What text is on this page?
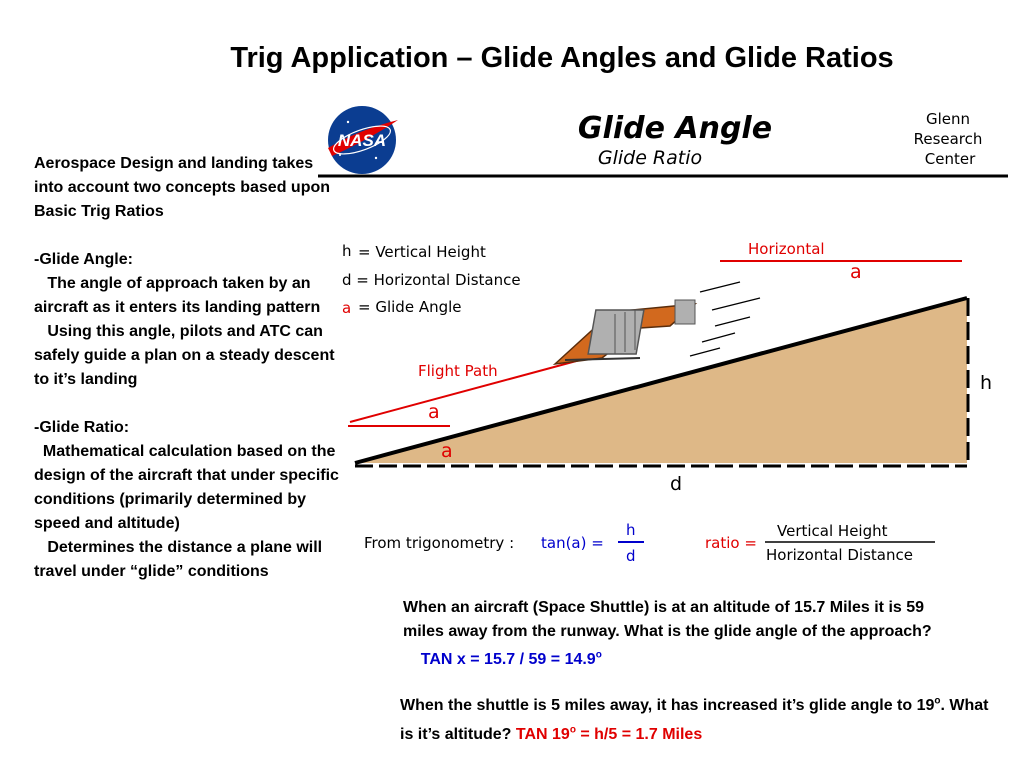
Trig Application – Glide Angles and Glide Ratios

Aerospace Design and landing takes into account two concepts based upon Basic Trig Ratios

-Glide Angle:

The angle of approach taken by an aircraft as it enters its landing pattern

Using this angle, pilots and ATC can safely guide a plan on a steady descent to it’s landing

-Glide Ratio:

Mathematical calculation based on the design of the aircraft that under specific conditions (primarily determined by speed and altitude)

Determines the distance a plane will travel under “glide” conditions

NASA	Glide Angle
Glide Ratio
Glenn
Research
Center
h = Vertical Height
d = Horizontal Distance
a = Glide Angle
Horizontal
a
Flight Path
a
a
h
d
From trigonometry : tan(a) =
h
d
ratio =
Vertical Height
Horizontal Distance
When an aircraft (Space Shuttle) is at an altitude of 15.7 Miles it is 59 miles away from the runway. What is the glide angle of the approach?     TAN $x = 15.7 / 59 = 14.9^o$
When the shuttle is 5 miles away, it has increased it’s glide angle to 19$^o$. What is it’s altitude? TAN $19^o = h/5 = 1.7$ Miles
